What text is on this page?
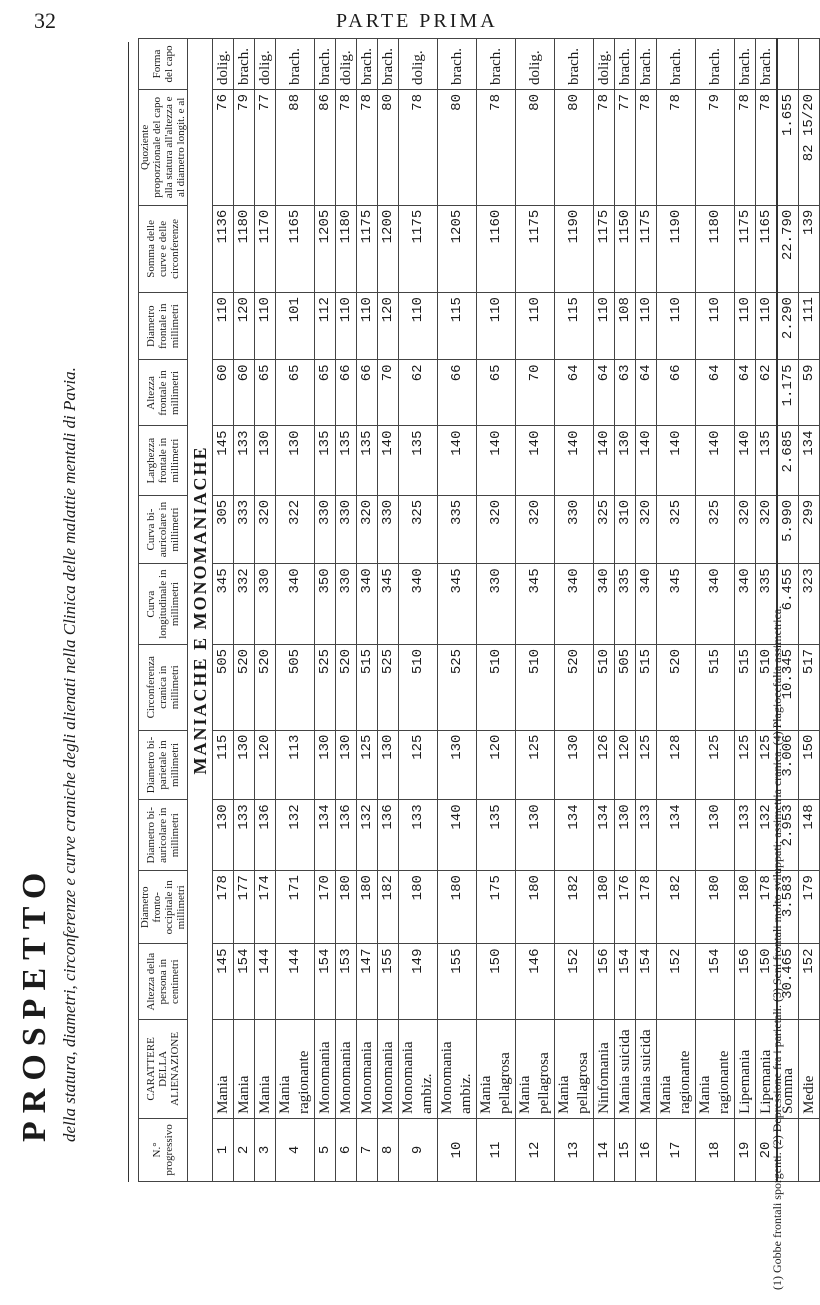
32	PARTE PRIMA
PROSPETTO della statura, diametri, circonferenze e curve craniche degli alienati nella Clinica delle malattie mentali di Pavia.
N.° progressivo	CARATTERE DELLA ALIENAZIONE	Altezza della persona in centimetri	Diametro fronto-occipitale in millimetri	Diametro bi-auricolare in millimetri	Diametro bi-parietale in millimetri	Circonferenza cranica in millimetri	Curva longitudinale in millimetri	Curva bi-auricolare in millimetri	Larghezza frontale in millimetri	Altezza frontale in millimetri	Diametro frontale in millimetri	Somma delle curve e delle circonferenze	Quoziente proporzionale del capo alla statura all'altezza e al diametro longit. e al	Forma del capo
MANIACHE E MONOMANIACHE														
1	Mania	145	178	130	115	505	345	305	145	60	110	1136	76	dolig.
2	Mania	154	177	133	130	520	332	333	133	60	120	1180	79	brach.
3	Mania	144	174	136	120	520	330	320	130	65	110	1170	77	dolig.
4	Mania ragionante	144	171	132	113	505	340	322	130	65	101	1165	88	brach.
5	Monomania	154	170	134	130	525	350	330	135	65	112	1205	86	brach.
6	Monomania	153	180	136	130	520	330	330	135	66	110	1180	78	dolig.
7	Monomania	147	180	132	125	515	340	320	135	66	110	1175	78	brach.
8	Monomania	155	182	136	130	525	345	330	140	70	120	1200	80	brach.
9	Monomania ambiz.	149	180	133	125	510	340	325	135	62	110	1175	78	dolig.
10	Monomania ambiz.	155	180	140	130	525	345	335	140	66	115	1205	80	brach.
11	Mania pellagrosa	150	175	135	120	510	330	320	140	65	110	1160	78	brach.
12	Mania pellagrosa	146	180	130	125	510	345	320	140	70	110	1175	80	dolig.
13	Mania pellagrosa	152	182	134	130	520	340	330	140	64	115	1190	80	brach.
14	Ninfomania	156	180	134	126	510	340	325	140	64	110	1175	78	dolig.
15	Mania suicida	154	176	130	120	505	335	310	130	63	108	1150	77	brach.
16	Mania suicida	154	178	133	125	515	340	320	140	64	110	1175	78	brach.
17	Mania ragionante	152	182	134	128	520	345	325	140	66	110	1190	78	brach.
18	Mania ragionante	154	180	130	125	515	340	325	140	64	110	1180	79	brach.
19	Lipemania	156	180	133	125	515	340	320	140	64	110	1175	78	brach.
20	Lipemania	150	178	132	125	510	335	320	135	62	110	1165	78	brach.
	Somma	30.465	3.583	2.953	3.006	10.345	6.455	5.990	2.685	1.175	2.290	22.790	1.655	
	Medie	152	179	148	150	517	323	299	134	59	111	139	82 15/20	
(1) Gobbe frontali sporgenti. (2) Depressione fra i parietali. (3) Seni frontali molto sviluppati; assimetria cranica. (4) Plagiocefalia assimetrica.
